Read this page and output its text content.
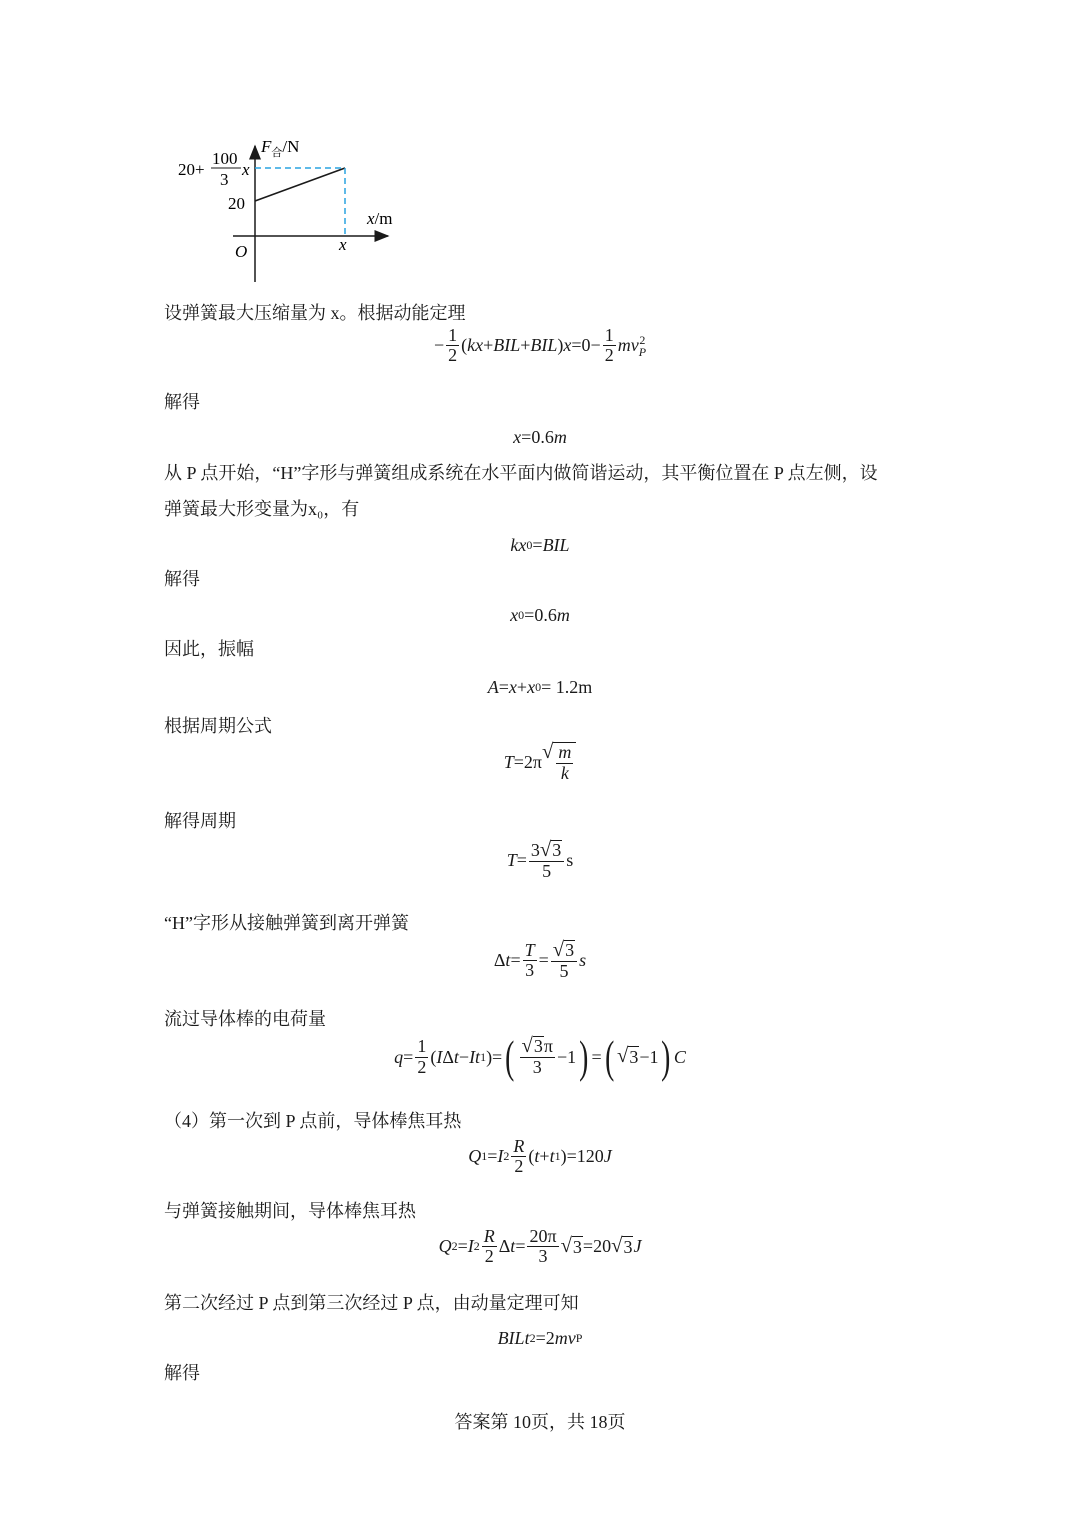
$F_合/N$
x/m
O	x
20
20+
100
3
x
设弹簧最大压缩量为 x。根据动能定理
− $\frac{1}{2}$ ( kx + BIL + BIL ) $x =0- \frac{1}{2}$ mv 2
P
解得
x =0.6 m
从 P 点开始，“H”字形与弹簧组成系统在水平面内做简谐运动，其平衡位置在 P 点左侧，设
弹簧最大形变量为x₀，有
kx 0 = BIL
解得
x 0 =0.6 m
因此，振幅
A = x + x 0 = 1.2m
根据周期公式
T =2π √ $\frac{m}{k}$
解得周期
$T = \frac{3 √ 3}{5}$ s
“H”字形从接触弹簧到离开弹簧
Δ $t = \frac{T}{3} = \frac{√ 3}{5}$ s
流过导体棒的电荷量
$q = \frac{1}{2}$ ( I Δ t − It 1 )= ( $\frac{√ 3 \pi}{3} -1$ ) = ( √ 3 −1 ) C
（4）第一次到 P 点前，导体棒焦耳热
Q 1 = I $2 \frac{R}{2}$ ( t + t 1 )=120 J
与弹簧接触期间，导体棒焦耳热
Q 2 = I $2 \frac{R}{2}$ Δ $t = \frac{20\pi}{3}$ √ 3 =20 √ 3 J
第二次经过 P 点到第三次经过 P 点，由动量定理可知
BILt 2 =2 mv P
解得
答案第 10页，共 18页
